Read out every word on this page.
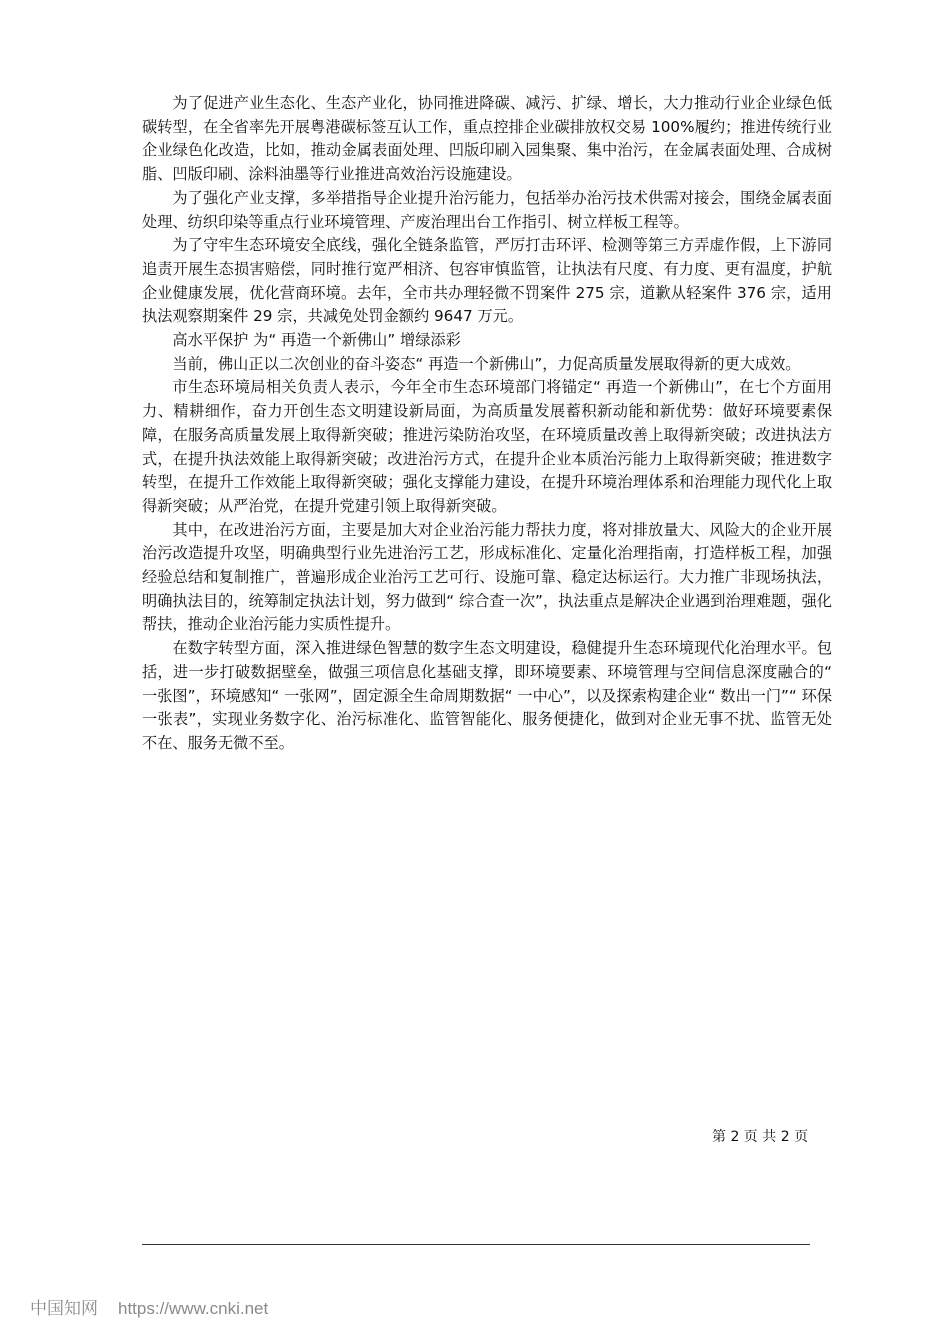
为了促进产业生态化、生态产业化，协同推进降碳、减污、扩绿、增长，大力推动行业企业绿色低碳转型，在全省率先开展粤港碳标签互认工作，重点控排企业碳排放权交易 100%履约；推进传统行业企业绿色化改造，比如，推动金属表面处理、凹版印刷入园集聚、集中治污，在金属表面处理、合成树脂、凹版印刷、涂料油墨等行业推进高效治污设施建设。

为了强化产业支撑，多举措指导企业提升治污能力，包括举办治污技术供需对接会，围绕金属表面处理、纺织印染等重点行业环境管理、产废治理出台工作指引、树立样板工程等。

为了守牢生态环境安全底线，强化全链条监管，严厉打击环评、检测等第三方弄虚作假，上下游同追责开展生态损害赔偿，同时推行宽严相济、包容审慎监管，让执法有尺度、有力度、更有温度，护航企业健康发展，优化营商环境。去年，全市共办理轻微不罚案件 275 宗，道歉从轻案件 376 宗，适用执法观察期案件 29 宗，共减免处罚金额约 9647 万元。

高水平保护 为“ 再造一个新佛山” 增绿添彩

当前，佛山正以二次创业的奋斗姿态“ 再造一个新佛山”，力促高质量发展取得新的更大成效。

市生态环境局相关负责人表示，今年全市生态环境部门将锚定“ 再造一个新佛山”，在七个方面用力、精耕细作，奋力开创生态文明建设新局面，为高质量发展蓄积新动能和新优势：做好环境要素保障，在服务高质量发展上取得新突破；推进污染防治攻坚，在环境质量改善上取得新突破；改进执法方式，在提升执法效能上取得新突破；改进治污方式，在提升企业本质治污能力上取得新突破；推进数字转型，在提升工作效能上取得新突破；强化支撑能力建设，在提升环境治理体系和治理能力现代化上取得新突破；从严治党，在提升党建引领上取得新突破。

其中，在改进治污方面，主要是加大对企业治污能力帮扶力度，将对排放量大、风险大的企业开展治污改造提升攻坚，明确典型行业先进治污工艺，形成标准化、定量化治理指南，打造样板工程，加强经验总结和复制推广，普遍形成企业治污工艺可行、设施可靠、稳定达标运行。大力推广非现场执法，明确执法目的，统筹制定执法计划，努力做到“ 综合查一次”，执法重点是解决企业遇到治理难题，强化帮扶，推动企业治污能力实质性提升。

在数字转型方面，深入推进绿色智慧的数字生态文明建设，稳健提升生态环境现代化治理水平。包括，进一步打破数据壁垒，做强三项信息化基础支撑，即环境要素、环境管理与空间信息深度融合的“ 一张图”，环境感知“ 一张网”，固定源全生命周期数据“ 一中心”，以及探索构建企业“ 数出一门”“ 环保一张表”，实现业务数字化、治污标准化、监管智能化、服务便捷化，做到对企业无事不扰、监管无处不在、服务无微不至。

第 2 页 共 2 页
中国知网 https://www.cnki.net
